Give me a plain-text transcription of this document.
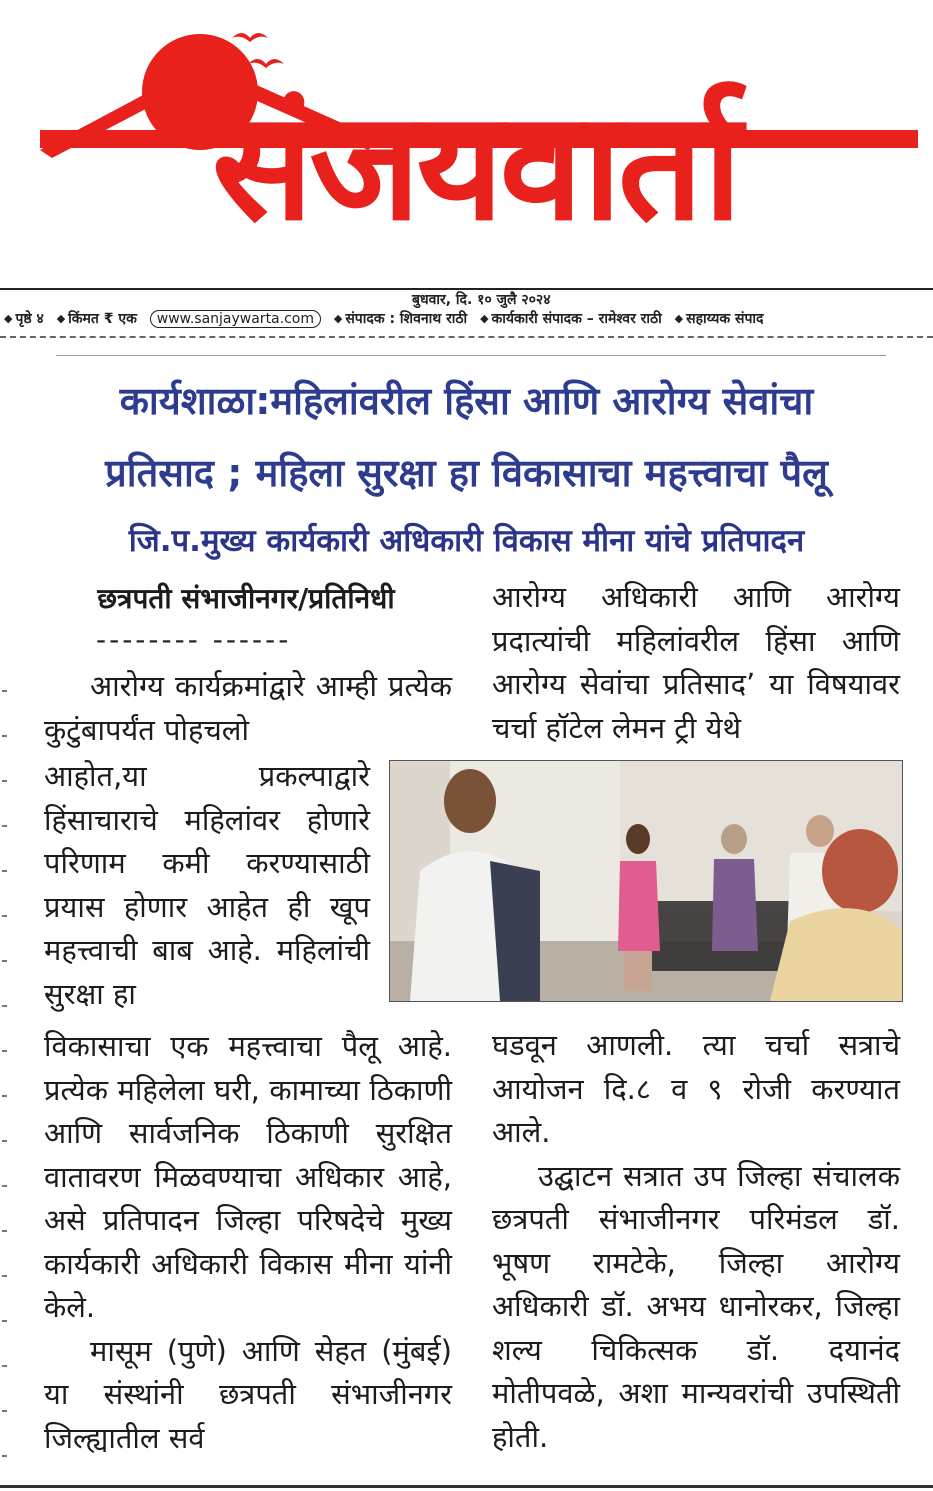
संजयवार्ता
बुधवार, दि. १० जुलै २०२४
◆ पृष्ठे ४ ◆ किंमत ₹ एक www.sanjaywarta.com ◆ संपादक : शिवनाथ राठी ◆ कार्यकारी संपादक – रामेश्वर राठी ◆ सहाय्यक संपाद
कार्यशाळा:महिलांवरील हिंसा आणि आरोग्य सेवांचा
प्रतिसाद ; महिला सुरक्षा हा विकासाचा महत्त्वाचा पैलू
जि.प.मुख्य कार्यकारी अधिकारी विकास मीना यांचे प्रतिपादन
छत्रपती संभाजीनगर/प्रतिनिधी
-------- ------

आरोग्य कार्यक्रमांद्वारे आम्ही प्रत्येक कुटुंबापर्यंत पोहचलो

आहोत,या प्रकल्पाद्वारे हिंसाचाराचे महिलांवर होणारे परिणाम कमी करण्यासाठी प्रयास होणार आहेत ही खूप महत्त्वाची बाब आहे. महिलांची सुरक्षा हा

विकासाचा एक महत्त्वाचा पैलू आहे. प्रत्येक महिलेला घरी, कामाच्या ठिकाणी आणि सार्वजनिक ठिकाणी सुरक्षित वातावरण मिळवण्याचा अधिकार आहे, असे प्रतिपादन जिल्हा परिषदेचे मुख्य कार्यकारी अधिकारी विकास मीना यांनी केले.

मासूम (पुणे) आणि सेहत (मुंबई) या संस्थांनी छत्रपती संभाजीनगर जिल्ह्यातील सर्व

आरोग्य अधिकारी आणि आरोग्य प्रदात्यांची महिलांवरील हिंसा आणि आरोग्य सेवांचा प्रतिसाद’ या विषयावर चर्चा हॉटेल लेमन ट्री येथे

घडवून आणली. त्या चर्चा सत्राचे आयोजन दि.८ व ९ रोजी करण्यात आले.

उद्घाटन सत्रात उप जिल्हा संचालक छत्रपती संभाजीनगर परिमंडल डॉ. भूषण रामटेके, जिल्हा आरोग्य अधिकारी डॉ. अभय धानोरकर, जिल्हा शल्य चिकित्सक डॉ. दयानंद मोतीपवळे, अशा मान्यवरांची उपस्थिती होती.
